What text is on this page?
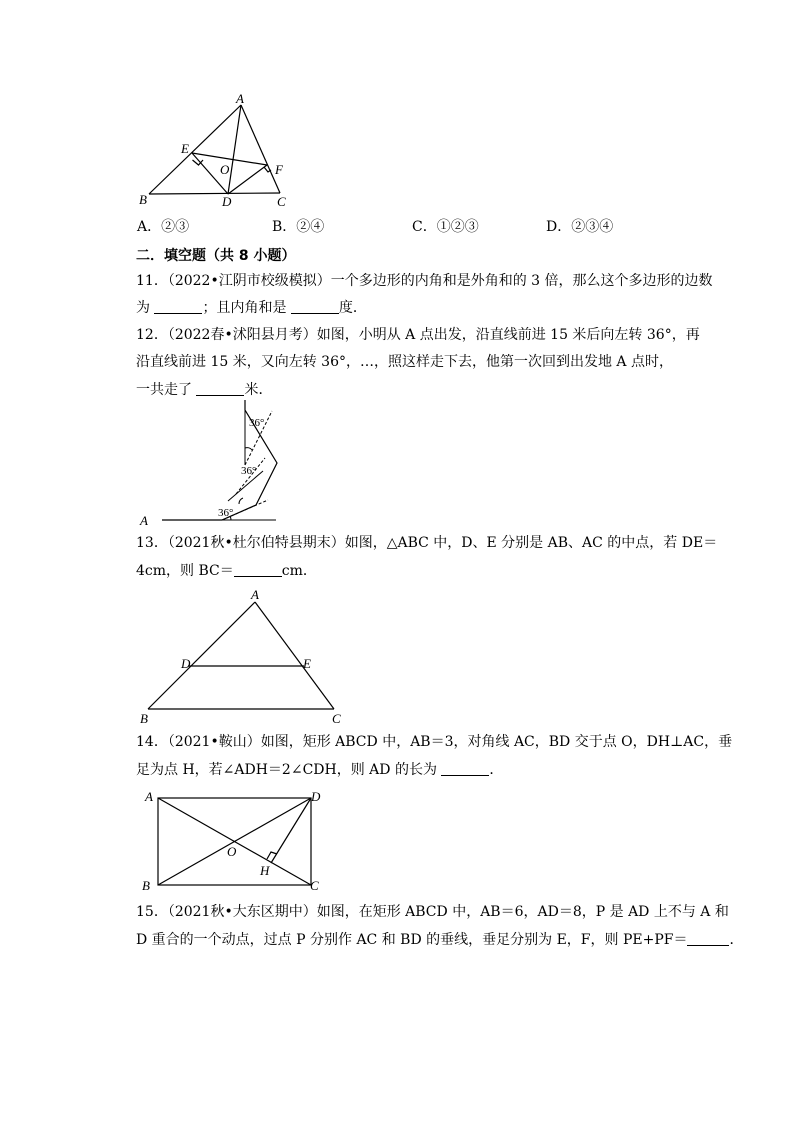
A
E
O	F
B	D	C
A．②③	B．②④	C．①②③	D．②③④
二．填空题（共 8 小题）
11．（2022•江阴市校级模拟）一个多边形的内角和是外角和的 3 倍，那么这个多边形的边数
为	；且内角和是	度．
12．（2022春•沭阳县月考）如图，小明从 A 点出发，沿直线前进 15 米后向左转 36°，再
沿直线前进 15 米，又向左转 36°，…，照这样走下去，他第一次回到出发地 A 点时，
一共走了	米．
36°
36°
36°
A
13．（2021秋•杜尔伯特县期末）如图，△ABC 中，D、E 分别是 AB、AC 的中点，若 DE＝
4cm，则 BC＝	cm．
A
D	E
B	C
14．（2021•鞍山）如图，矩形 ABCD 中，AB＝3，对角线 AC，BD 交于点 O，DH⊥AC，垂
足为点 H，若∠ADH＝2∠CDH，则 AD 的长为	．
A	D
O
H
B	C
15．（2021秋•大东区期中）如图，在矩形 ABCD 中，AB＝6，AD＝8，P 是 AD 上不与 A 和
D 重合的一个动点，过点 P 分别作 AC 和 BD 的垂线，垂足分别为 E，F，则 PE+PF＝	．
